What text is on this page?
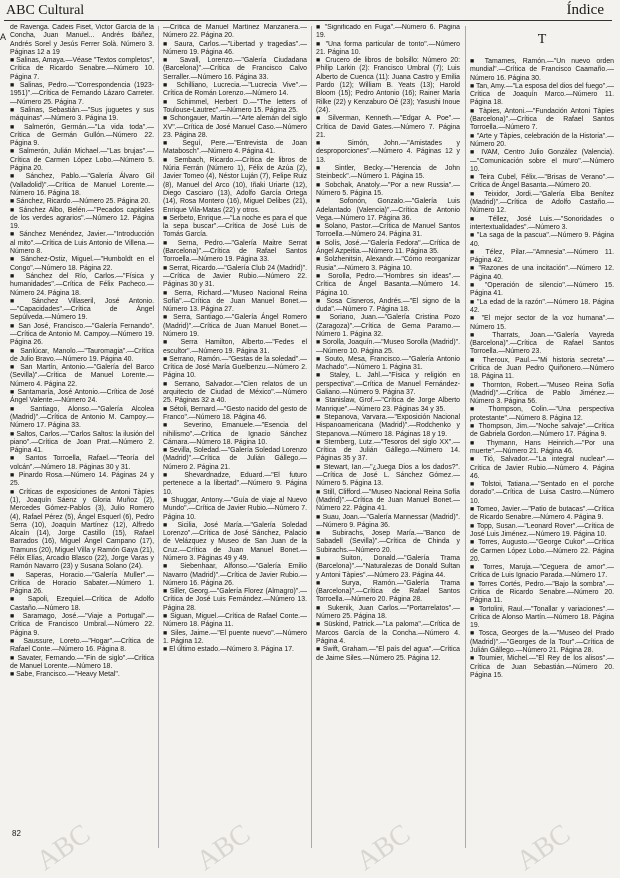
ABC Cultural	Índice
A

de Ravenga. Cadeis Fiset, Victor García de la Concha, Juan Manuel... Andrés Ibáñez, Andrés Sorel y Jesús Ferrer Solà. Número 3. Páginas 12 a 19

■ Salinas, Amaya.—Véase "Textos completos", Crítica de Ricardo Senabre.—Número 10. Página 7.

■ Salinas, Pedro.—"Correspondencia (1923-1951)".—Crítica de Fernando Lázaro Carreter.—Número 25. Página 7.

■ Salinas, Sebastián.—"Sus juguetes y sus máquinas".—Número 3. Página 19.

■ Salmerón, Germán.—"La vida toda".—Crítica de Germán Gullón.—Número 22. Página 9.

■ Salmerón, Julián Michael.—"Las brujas".—Crítica de Carmen López Lobo.—Número 5. Página 20.

■ Sánchez, Pablo.—"Galería Álvaro Gil (Valladolid)".—Crítica de Manuel Lorente.—Número 16. Página 18.

■ Sánchez, Ricardo.—Número 25. Página 20.

■ Sánchez Albo, Belén.—"Pecados capitales de los verdes agrarios".—Número 12. Página 19.

■ Sánchez Menéndez, Javier.—"Introducción al mito".—Crítica de Luis Antonio de Villena.—Número 8.

■ Sánchez-Ostiz, Miguel.—"Humboldt en el Congo".—Número 18. Página 22.

■ Sánchez del Río, Carlos.—"Física y humanidades".—Crítica de Félix Pacheco.—Número 24. Página 18.

■ Sánchez Villaseril, José Antonio.—"Capacidades".—Crítica de Ángel Sepúlveda.—Número 19.

■ San José, Francisco.—"Galería Fernando".—Crítica de Antonio M. Campoy.—Número 19. Página 26.

■ Sanlúcar, Manolo.—"Tauromagia".—Crítica de Julio Bravo.—Número 19. Página 40.

■ San Martín, Antonio.—"Galería del Barco (Sevilla)".—Crítica de Manuel Lorente.—Número 4. Página 22.

■ Santamaría, José Antonio.—Crítica de José Ángel Valente.—Número 24.

■ Santiago, Alonso.—"Galería Alcolea (Madrid)".—Crítica de Antonio M. Campoy.—Número 17. Página 33.

■ Saltos, Carlos.—"Carlos Saltos: la ilusión del piano".—Crítica de Joan Prat.—Número 2. Página 41.

■ Santos Torroella, Rafael.—"Teoría del volcán".—Número 18. Páginas 30 y 31.

■ Pinardo Rosa.—Número 14. Páginas 24 y 25.

■ Críticas de exposiciones de Antoni Tàpies (1), Joaquín Sáenz y Gloria Muñoz (2), Mercedes Gómez-Pablos (3), Julio Romero (4), Rafael Pérez (5), Ángel Esquerl (6), Pedro Serra (10), Joaquín Martínez (12), Alfredo Alcaín (14), Jorge Castillo (15), Rafael Barrados (16), Miguel Ángel Campano (17), Tramuns (20), Miguel Villa y Ramón Gaya (21), Félix Elías, Arcadio Blasco (22), Jorge Varas y Ramón Navarro (23) y Susana Solano (24).

■ Saperas, Horacio.—"Galería Muller".—Crítica de Horacio Sabater.—Número 1. Página 26.

■ Sapoli, Ezequiel.—Crítica de Adolfo Castaño.—Número 18.

■ Saramago, José.—"Viaje a Portugal".—Crítica de Francisco Umbral.—Número 22. Página 9.

■ Saussure, Loreto.—"Hogar".—Crítica de Rafael Conte.—Número 16. Página 8.

■ Savater, Fernando.—"Fin de siglo".—Crítica de Manuel Lorente.—Número 18.

■ Sabe, Francisco.—"Heavy Metal".

—Crítica de Manuel Martínez Manzanera.—Número 22. Página 20.

■ Saura, Carlos.—"Libertad y tragedias".—Número 19. Página 46.

■ Savall, Lorenzo.—"Galería Ciudadana (Barcelona)".—Crítica de Francisco Calvo Serraller.—Número 16. Página 33.

■ Schilliano, Lucrecia.—"Lucrecia Vive".—Crítica de Román Lorenzo.—Número 14.

■ Schimmel, Herbert D.—"The letters of Toulouse-Lautrec".—Número 15. Página 25.

■ Schongauer, Martin.—"Arte alemán del siglo XV".—Crítica de José Manuel Caso.—Número 23. Página 28.

■ Seguí, Pere.—"Entrevista de Joan Matabosch".—Número 4. Página 41.

■ Sembach, Ricardo.—Crítica de libros de Núria Ferrán (Número 1), Félix de Azúa (2), Javier Tomeo (4), Néstor Luján (7), Felipe Ruiz (8), Manuel del Arco (10), Iñaki Uriarte (12), Diego Casciaro (13), Adolfo García Ortega (14), Rosa Montero (16), Miguel Delibes (21), Enrique Vila-Matas (22) y otros.

■ Serbeto, Enrique.—"La noche es para el que la sepa buscar".—Crítica de José Luis de Tomás García.

■ Serna, Pedro.—"Galería Maitre Serrat (Barcelona)".—Crítica de Rafael Santos Torroella.—Número 19. Página 33.

■ Serrat, Ricardo.—"Galería Club 24 (Madrid)".—Crítica de Javier Rubio.—Número 22. Páginas 30 y 31.

■ Serra, Richard.—"Museo Nacional Reina Sofía".—Crítica de Juan Manuel Bonet.—Número 13. Página 27.

■ Serra, Santiago.—"Galería Ángel Romero (Madrid)".—Crítica de Juan Manuel Bonet.—Número 19.

■ Serra Hamilton, Alberto.—"Fedes el escultor".—Número 19. Página 31.

■ Serrano, Ramón.—"Gestas de la soledad".—Crítica de José María Guelbenzu.—Número 2. Página 10.

■ Serrano, Salvador.—"Cien relatos de un arquitecto de Ciudad de México".—Número 25. Páginas 32 a 40.

■ Sétoli, Bernard.—"Gesto nacido del gesto de Franco".—Número 18. Página 46.

■ Severino, Emanuele.—"Esencia del nihilismo".—Crítica de Ignacio Sánchez Cámara.—Número 18. Página 10.

■ Sevilla, Soledad.—"Galería Soledad Lorenzo (Madrid)".—Crítica de Julián Gállego.—Número 2. Página 21.

■ Shevardnadze, Eduard.—"El futuro pertenece a la libertad".—Número 9. Página 10.

■ Shuggar, Antony.—"Guía de viaje al Nuevo Mundo".—Crítica de Javier Rubio.—Número 7. Página 10.

■ Sicilia, José María.—"Galería Soledad Lorenzo".—Crítica de José Sánchez, Palacio de Velázquez y Museo de San Juan de la Cruz.—Crítica de Juan Manuel Bonet.—Número 3. Páginas 49 y 49.

■ Siebenhaar, Alfonso.—"Galería Emilio Navarro (Madrid)".—Crítica de Javier Rubio.—Número 16. Página 26.

■ Siller, Georg.—"Galería Florez (Almagro)".—Crítica de José Luis Fernández.—Número 13. Página 28.

■ Siguan, Miguel.—Crítica de Rafael Conte.—Número 18. Página 11.

■ Siles, Jaime.—"El puente nuevo".—Número 1. Página 12.

■ El último estado.—Número 3. Página 17.

■ "Significado en Fuga".—Número 6. Página 19.

■ "Una forma particular de tonto".—Número 21. Página 10.

■ Crucero de libros de bolsillo: Número 20: Philip Larkin (2): Francisco Umbral (7); Luis Alberto de Cuenca (11): Juana Castro y Emilia Pardo (12); William B. Yeats (13); Harold Bloom (15); Pedro Antonio (16); Rainer María Rilke (22) y Kenzaburo Oé (23); Yasushi Inoue (24).

■ Silverman, Kenneth.—"Edgar A. Poe".—Crítica de David Gates.—Número 7. Página 21.

■ Simón, John.—"Amistades y desproporciones".—Número 4. Páginas 12 y 13.

■ Sintler, Becky.—"Herencia de John Steinbeck".—Número 1. Página 15.

■ Sobchak, Anatoly.—"Por a new Russia".—Número 5. Página 15.

■ Sofonón, Gonzalo.—"Galería Luis Adelantado (Valencia)".—Crítica de Antonio Vega.—Número 17. Página 36.

■ Solano, Pastor.—Crítica de Manuel Santos Torroella.—Número 24. Página 31.

■ Solís, José.—"Galería Fedora".—Crítica de Ángel Azpeitia.—Número 11. Página 35.

■ Solzhenitsin, Alexandr.—"Cómo reorganizar Rusia".—Número 3. Página 10.

■ Sorolla, Pedro.—"Hombres sin ideas".—Crítica de Ángel Basanta.—Número 14. Página 10.

■ Sosa Cisneros, Andrés.—"El signo de la duda".—Número 7. Página 18.

■ Soriano, Juan.—"Galería Cristina Pozo (Zaragoza)".—Crítica de Gema Paramo.—Número 1. Página 32.

■ Sorolla, Joaquín.—"Museo Sorolla (Madrid)".—Número 10. Página 25.

■ Souto, Mesa, Francisco.—"Galería Antonio Machado".—Número 1. Página 31.

■ Staley, L. Jahl.—"Física y religión en perspectiva".—Crítica de Manuel Fernández-Galiano.—Número 9. Página 37.

■ Stanislaw, Grof.—"Crítica de Jorge Alberto Manrique".—Número 23. Páginas 34 y 35.

■ Stepanova, Varvara.—"Exposición Nacional Hispanoamericana (Madrid)".—Rodchenko y Stepanova.—Número 18. Páginas 18 y 19.

■ Sternberg, Lutz.—"Tesoros del siglo XX".—Crítica de Julián Gállego.—Número 14. Páginas 35 y 37.

■ Stewart, Ian.—"¿Juega Dios a los dados?".—Crítica de José L. Sánchez Gómez.—Número 5. Página 13.

■ Still, Clifford.—"Museo Nacional Reina Sofía (Madrid)".—Crítica de Juan Manuel Bonet.—Número 22. Página 41.

■ Suau, Joan.—"Galería Mannessar (Madrid)".—Número 9. Página 36.

■ Subirachs, Josep María.—"Banco de Sabadell (Sevilla)".—Crítica de Chinda y Subirachs.—Número 20.

■ Suiton, Donald.—"Galería Trama (Barcelona)".—"Naturalezas de Donald Sultan y Antoni Tàpies".—Número 23. Página 44.

■ Surya, Ramón.—"Galería Trama (Barcelona)".—Crítica de Rafael Santos Torroella.—Número 20. Página 28.

■ Sukenik, Juan Carlos.—"Portarrelatos".—Número 25. Página 18.

■ Süskind, Patrick.—"La paloma".—Crítica de Marcos García de la Concha.—Número 4. Página 4.

■ Swift, Graham.—"El país del agua".—Crítica de Jaime Siles.—Número 25. Página 12.

T

■ Tamames, Ramón.—"Un nuevo orden mundial".—Crítica de Francisco Caamaño.—Número 16. Página 30.

■ Tan, Amy.—"La esposa del dios del fuego".—Crítica de Joaquín Marco.—Número 11. Página 18.

■ Tàpies, Antoni.—"Fundación Antoni Tàpies (Barcelona)".—Crítica de Rafael Santos Torroella.—Número 7.

■ "Arte y Tàpies, celebración de la Historia".—Número 20.

■ IVAM, Centro Julio González (Valencia).—"Comunicación sobre el muro".—Número 10.

■ Teira Cubel, Félix.—"Brisas de Verano".—Crítica de Ángel Basanta.—Número 20.

■ Teixidor, Jordi.—"Galería Elba Benítez (Madrid)".—Crítica de Adolfo Castaño.—Número 12.

■ Téllez, José Luis.—"Sonoridades o intertextualidades".—Número 3.

■ "La saga de la pascua".—Número 9. Página 40.

■ Télez, Pilar.—"Amnesia".—Número 11. Página 42.

■ "Razones de una incitación".—Número 12. Página 40.

■ "Operación de silencio".—Número 15. Página 41.

■ "La edad de la razón".—Número 18. Página 42.

■ "El mejor sector de la voz humana".—Número 15.

■ Tharrats, Joan.—"Galería Vayreda (Barcelona)".—Crítica de Rafael Santos Torroella.—Número 23.

■ Theroux, Paul.—"Mi historia secreta".—Crítica de Juan Pedro Quiñonero.—Número 18. Página 11.

■ Thornton, Robert.—"Museo Reina Sofía (Madrid)".—Crítica de Pablo Jiménez.—Número 3. Página 56.

■ Thompson, Colin.—"Una perspectiva protestante".—Número 8. Página 12.

■ Thompson, Jim.—"Noche salvaje".—Crítica de Gabriela Gordon.—Número 17. Página 9.

■ Thymann, Hans Heinrich.—"Por una muerte".—Número 21. Página 46.

■ Tió, Salvador.—"La integral nuclear".—Crítica de Javier Rubio.—Número 4. Página 46.

■ Tolstoi, Tatiana.—"Sentado en el porche dorado".—Crítica de Luisa Castro.—Número 10.

■ Tomeo, Javier.—"Patio de butacas".—Crítica de Ricardo Senabre.—Número 4. Página 9.

■ Topp, Susan.—"Leonard Rover".—Crítica de José Luis Jiménez.—Número 19. Página 10.

■ Torres, Augusto.—"George Cukor".—Crítica de Carmen López Lobo.—Número 22. Página 20.

■ Torres, Maruja.—"Ceguera de amor".—Crítica de Luis Ignacio Parada.—Número 17.

■ Torres Cortés, Pedro.—"Bajo la sombra".—Crítica de Ricardo Senabre.—Número 20. Página 11.

■ Tortolini, Raul.—"Tonallar y variaciones".—Crítica de Alonso Martín.—Número 18. Página 19.

■ Tosca, Georges de la.—"Museo del Prado (Madrid)".—"Georges de la Tour".—Crítica de Julián Gállego.—Número 21. Página 28.

■ Toumier, Michel.—"El Rey de los alisos".—Crítica de Juan Sebastián.—Número 20. Página 15.

82 ABC	ABC	ABC	ABC
